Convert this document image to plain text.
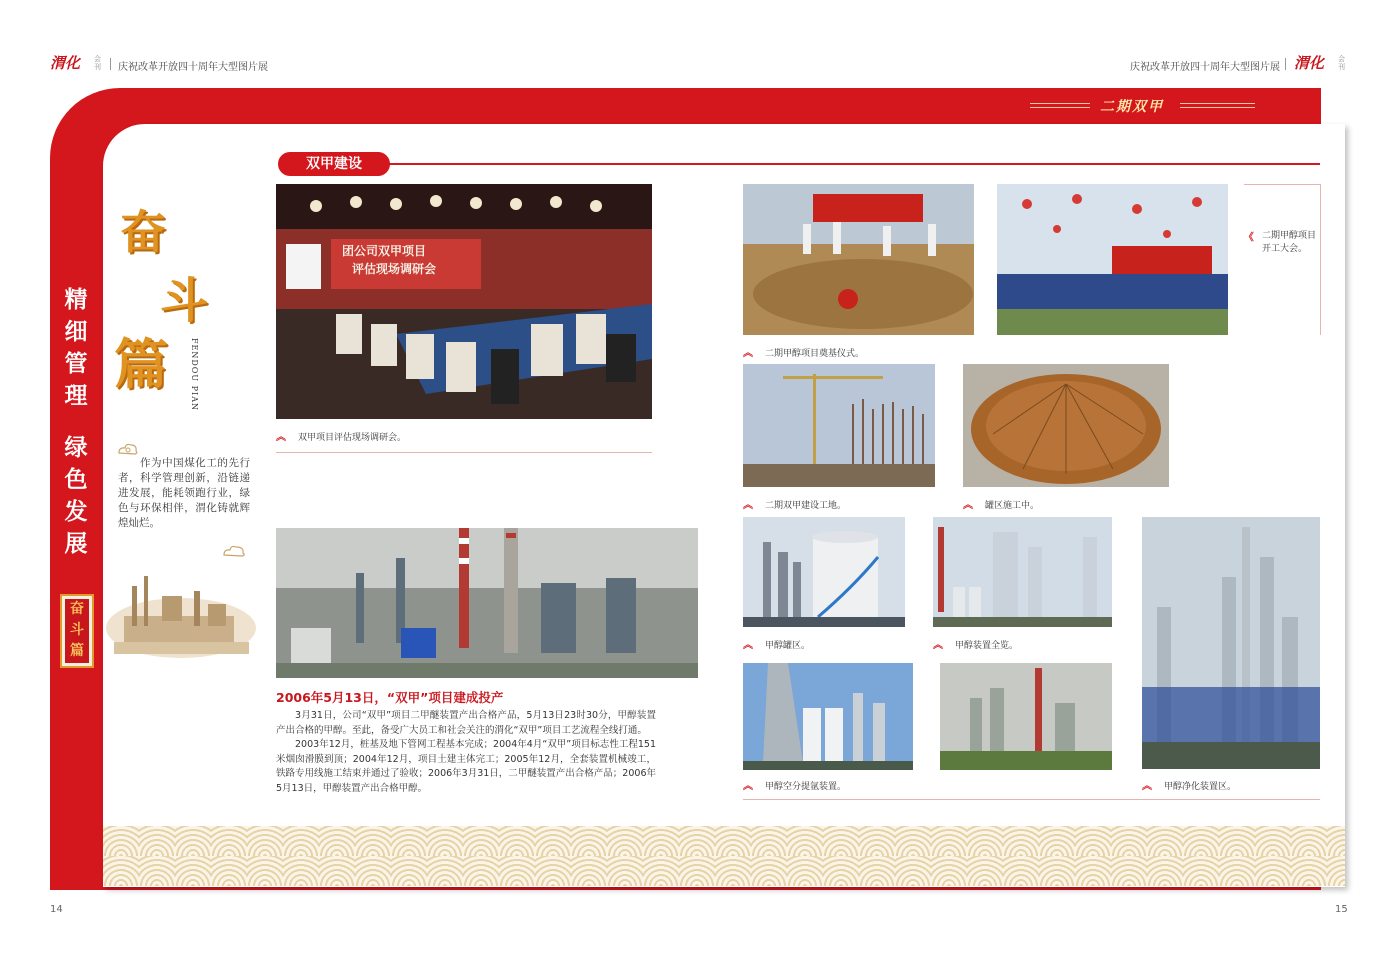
渭化 会刊 庆祝改革开放四十周年大型图片展	庆祝改革开放四十周年大型图片展 渭化 会刊
二期双甲
精
细
管
理
绿
色
发
展
奋斗篇
奋
斗
篇	FENDOU PIAN
作为中国煤化工的先行者，科学管理创新，沿链递进发展，能耗领跑行业，绿色与环保相伴，渭化铸就辉煌灿烂。
双甲建设
团公司双甲项目
评估现场调研会
︽ 双甲项目评估现场调研会。
2006年5月13日，“双甲”项目建成投产
3月31日，公司“双甲”项目二甲醚装置产出合格产品，5月13日23时30分，甲醇装置产出合格的甲醇。至此，备受广大员工和社会关注的渭化“双甲”项目工艺流程全线打通。
2003年12月，桩基及地下管网工程基本完成；2004年4月“双甲”项目标志性工程151米烟囱滑膜到顶；2004年12月，项目土建主体完工；2005年12月，全套装置机械竣工，铁路专用线施工结束并通过了验收；2006年3月31日，二甲醚装置产出合格产品；2006年5月13日，甲醇装置产出合格甲醇。
︽ 二期甲醇项目奠基仪式。
︽ 二期甲醇项目开工大会。
︽ 二期双甲建设工地。	︽ 罐区施工中。
︽ 甲醇罐区。	︽ 甲醇装置全览。
︽ 甲醇净化装置区。
︽ 甲醇空分提氩装置。
14	15
